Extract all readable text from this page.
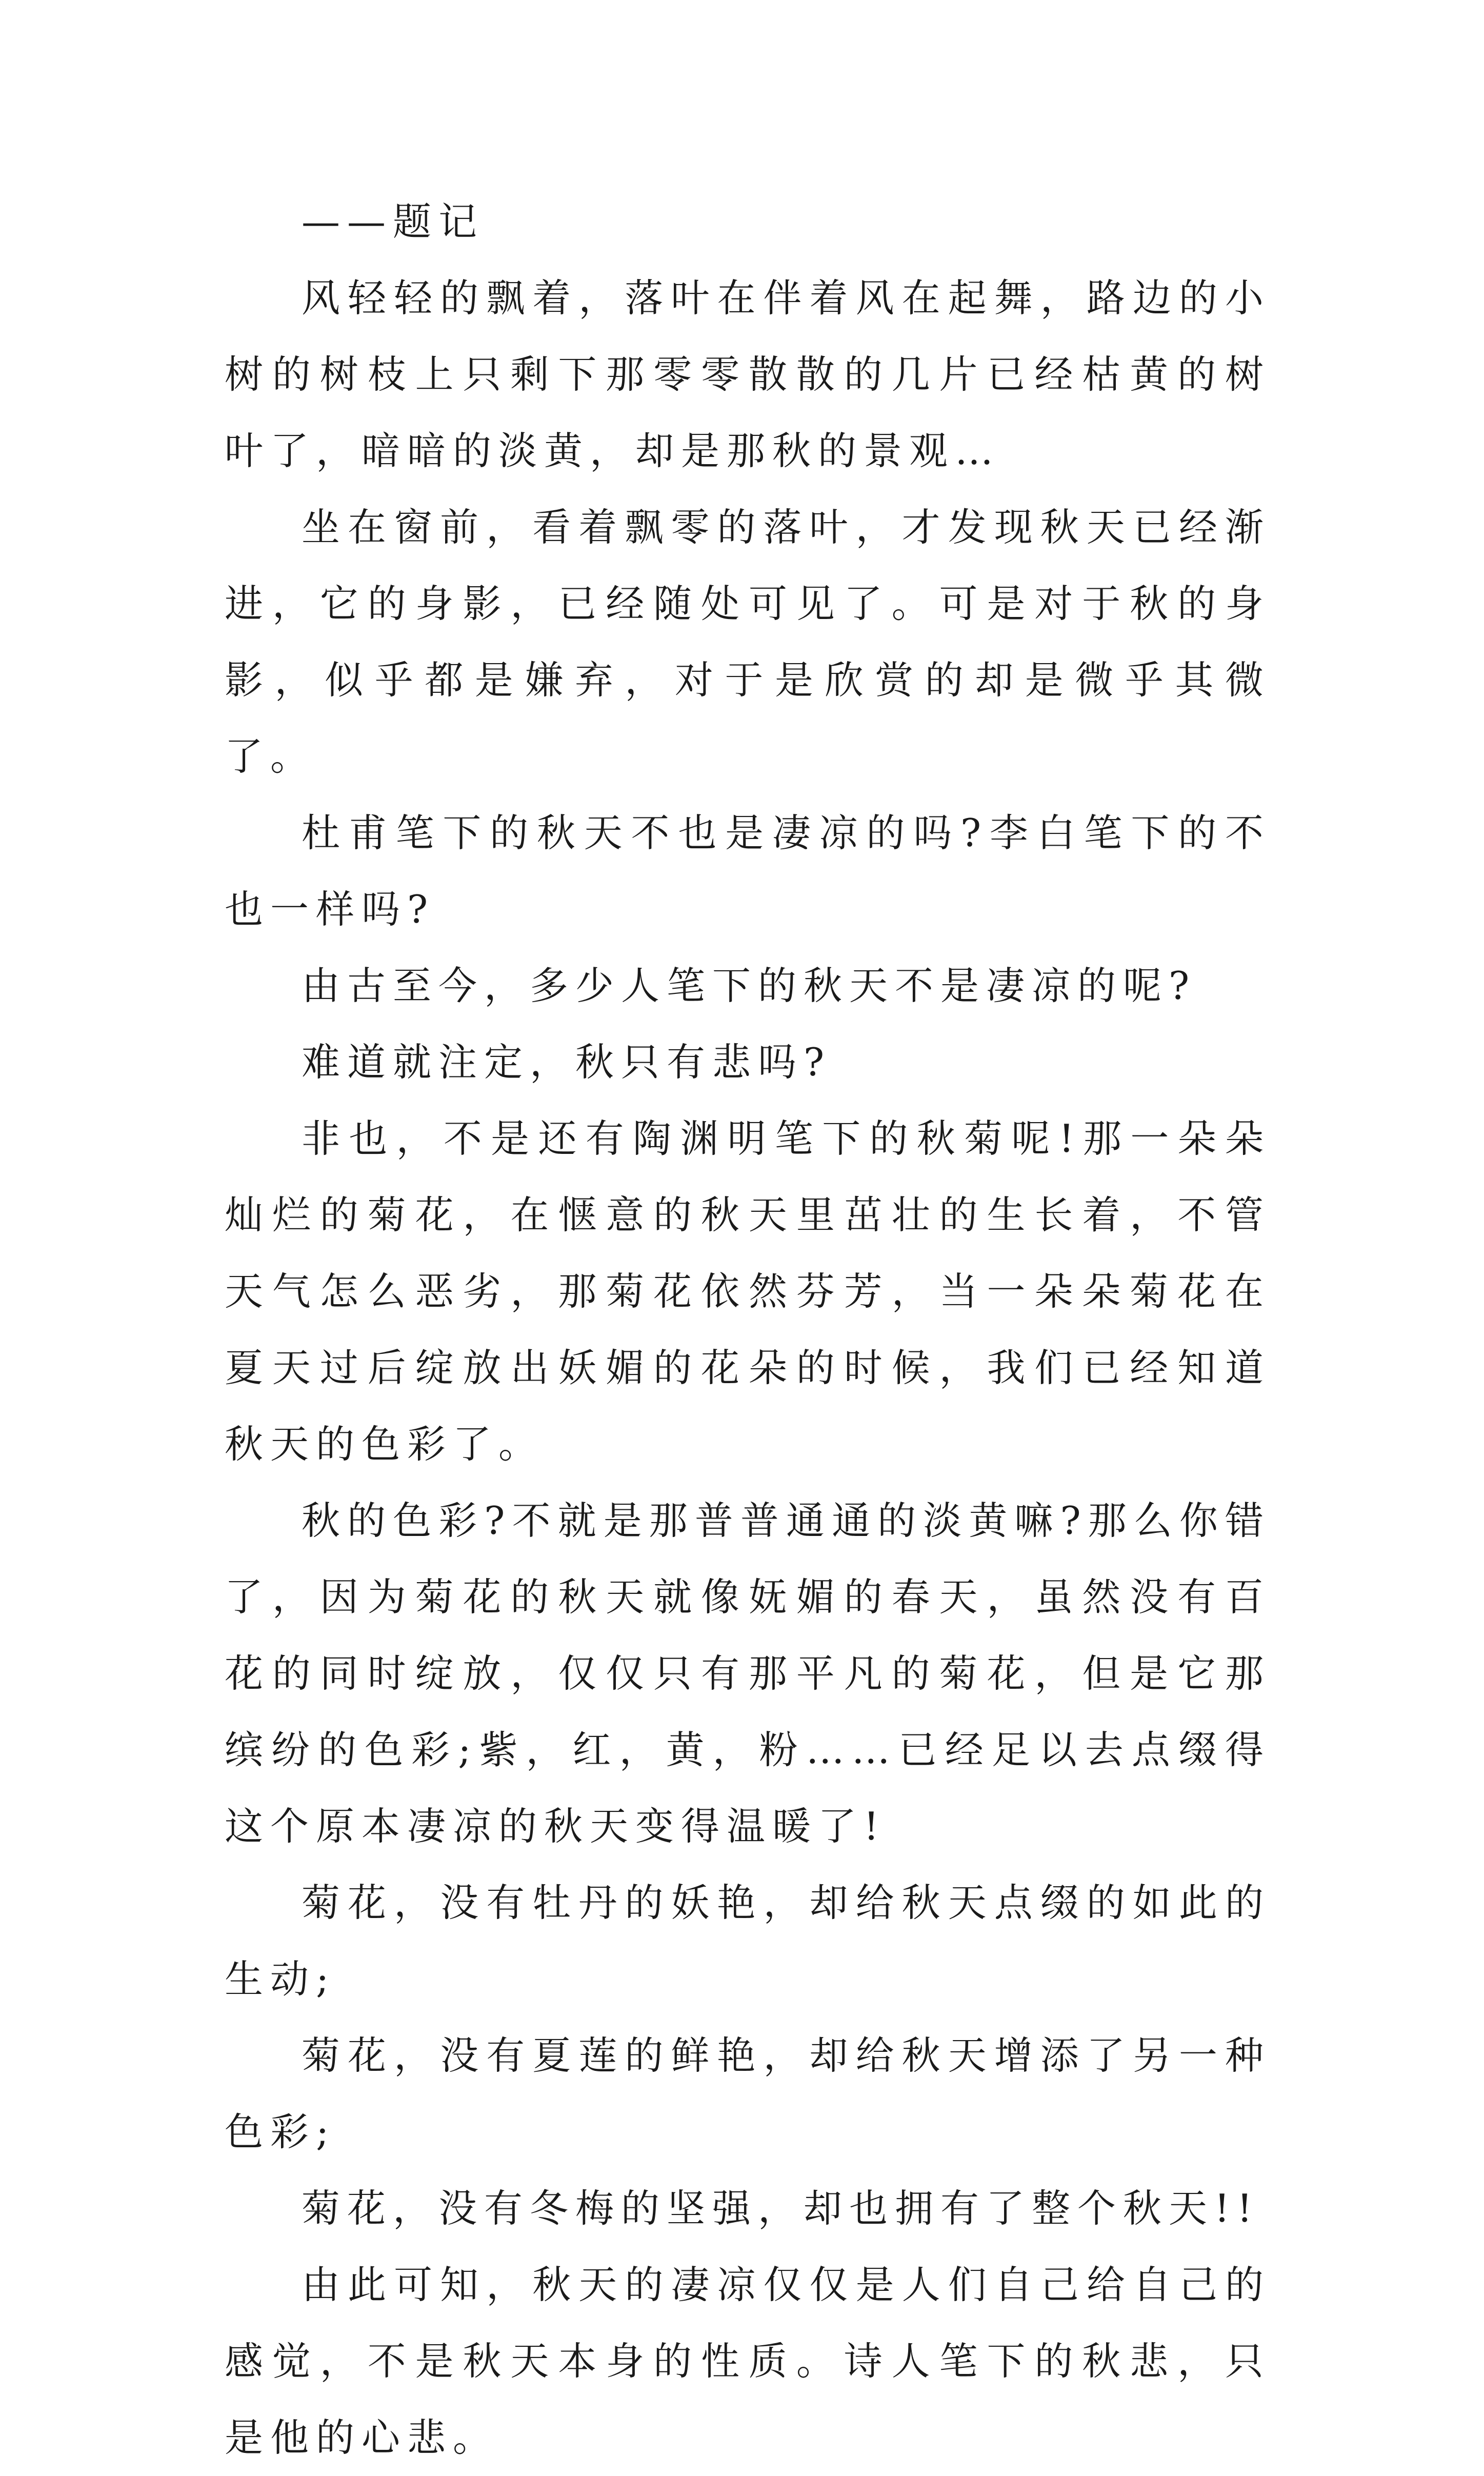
——题记

风轻轻的飘着，落叶在伴着风在起舞，路边的小树的树枝上只剩下那零零散散的几片已经枯黄的树叶了，暗暗的淡黄，却是那秋的景观…

坐在窗前，看着飘零的落叶，才发现秋天已经渐进，它的身影，已经随处可见了。可是对于秋的身影，似乎都是嫌弃，对于是欣赏的却是微乎其微了。

杜甫笔下的秋天不也是凄凉的吗?李白笔下的不也一样吗?

由古至今，多少人笔下的秋天不是凄凉的呢?

难道就注定，秋只有悲吗?

非也，不是还有陶渊明笔下的秋菊呢!那一朵朵灿烂的菊花，在惬意的秋天里茁壮的生长着，不管天气怎么恶劣，那菊花依然芬芳，当一朵朵菊花在夏天过后绽放出妖媚的花朵的时候，我们已经知道秋天的色彩了。

秋的色彩?不就是那普普通通的淡黄嘛?那么你错了，因为菊花的秋天就像妩媚的春天，虽然没有百花的同时绽放，仅仅只有那平凡的菊花，但是它那缤纷的色彩;紫，红，黄，粉……已经足以去点缀得这个原本凄凉的秋天变得温暖了!

菊花，没有牡丹的妖艳，却给秋天点缀的如此的生动;

菊花，没有夏莲的鲜艳，却给秋天增添了另一种色彩;

菊花，没有冬梅的坚强，却也拥有了整个秋天!!

由此可知，秋天的凄凉仅仅是人们自己给自己的感觉，不是秋天本身的性质。诗人笔下的秋悲，只是他的心悲。
